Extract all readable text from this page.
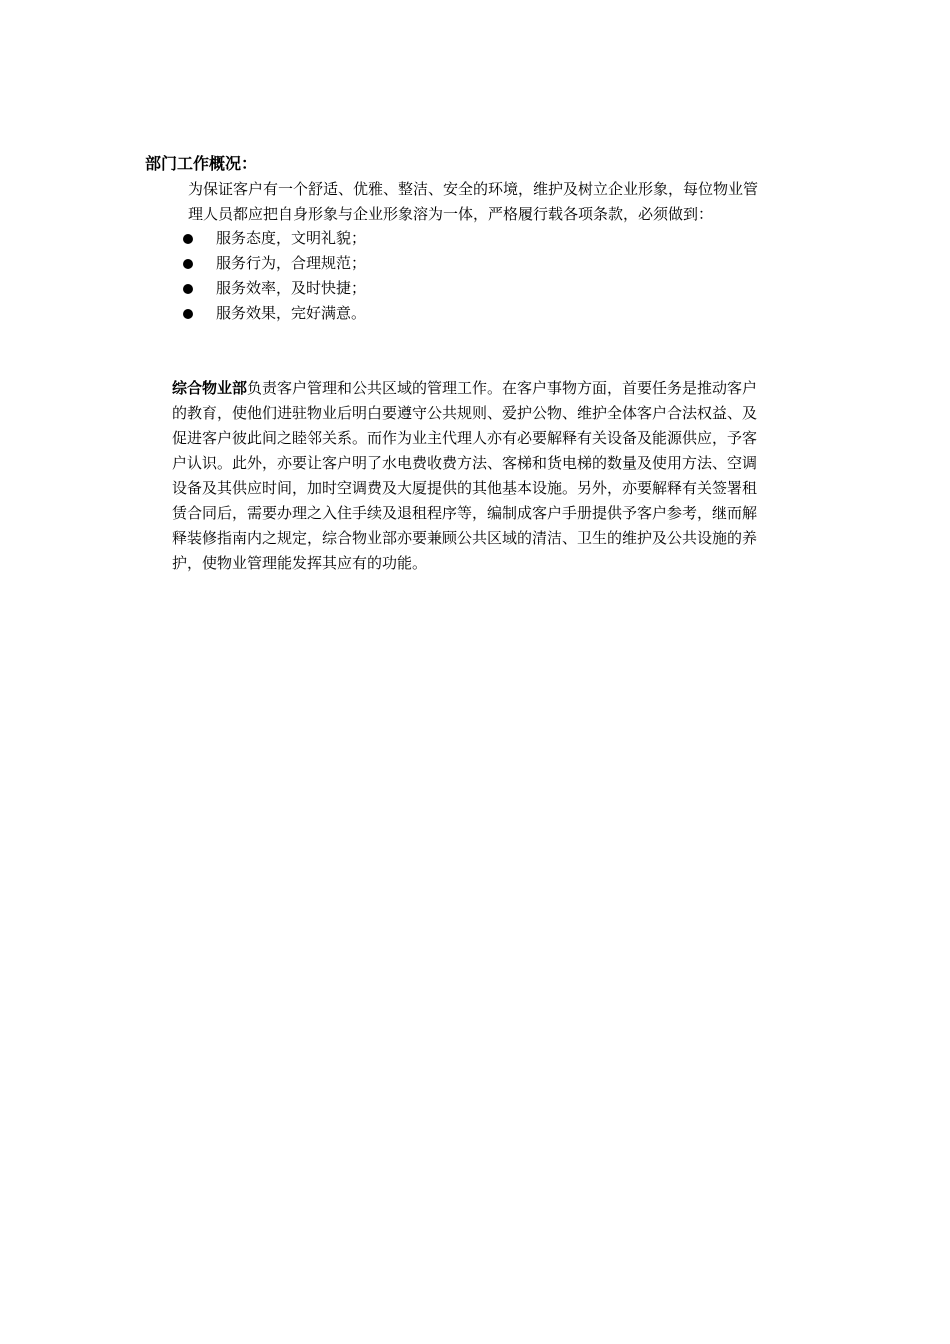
部门工作概况：
为保证客户有一个舒适、优雅、整洁、安全的环境，维护及树立企业形象，每位物业管
理人员都应把自身形象与企业形象溶为一体，严格履行载各项条款，必须做到：
服务态度，文明礼貌；
服务行为，合理规范；
服务效率，及时快捷；
服务效果，完好满意。
综合物业部负责客户管理和公共区域的管理工作。在客户事物方面，首要任务是推动客户
的教育，使他们进驻物业后明白要遵守公共规则、爱护公物、维护全体客户合法权益、及
促进客户彼此间之睦邻关系。而作为业主代理人亦有必要解释有关设备及能源供应，予客
户认识。此外，亦要让客户明了水电费收费方法、客梯和货电梯的数量及使用方法、空调
设备及其供应时间，加时空调费及大厦提供的其他基本设施。另外，亦要解释有关签署租
赁合同后，需要办理之入住手续及退租程序等，编制成客户手册提供予客户参考，继而解
释装修指南内之规定，综合物业部亦要兼顾公共区域的清洁、卫生的维护及公共设施的养
护，使物业管理能发挥其应有的功能。
